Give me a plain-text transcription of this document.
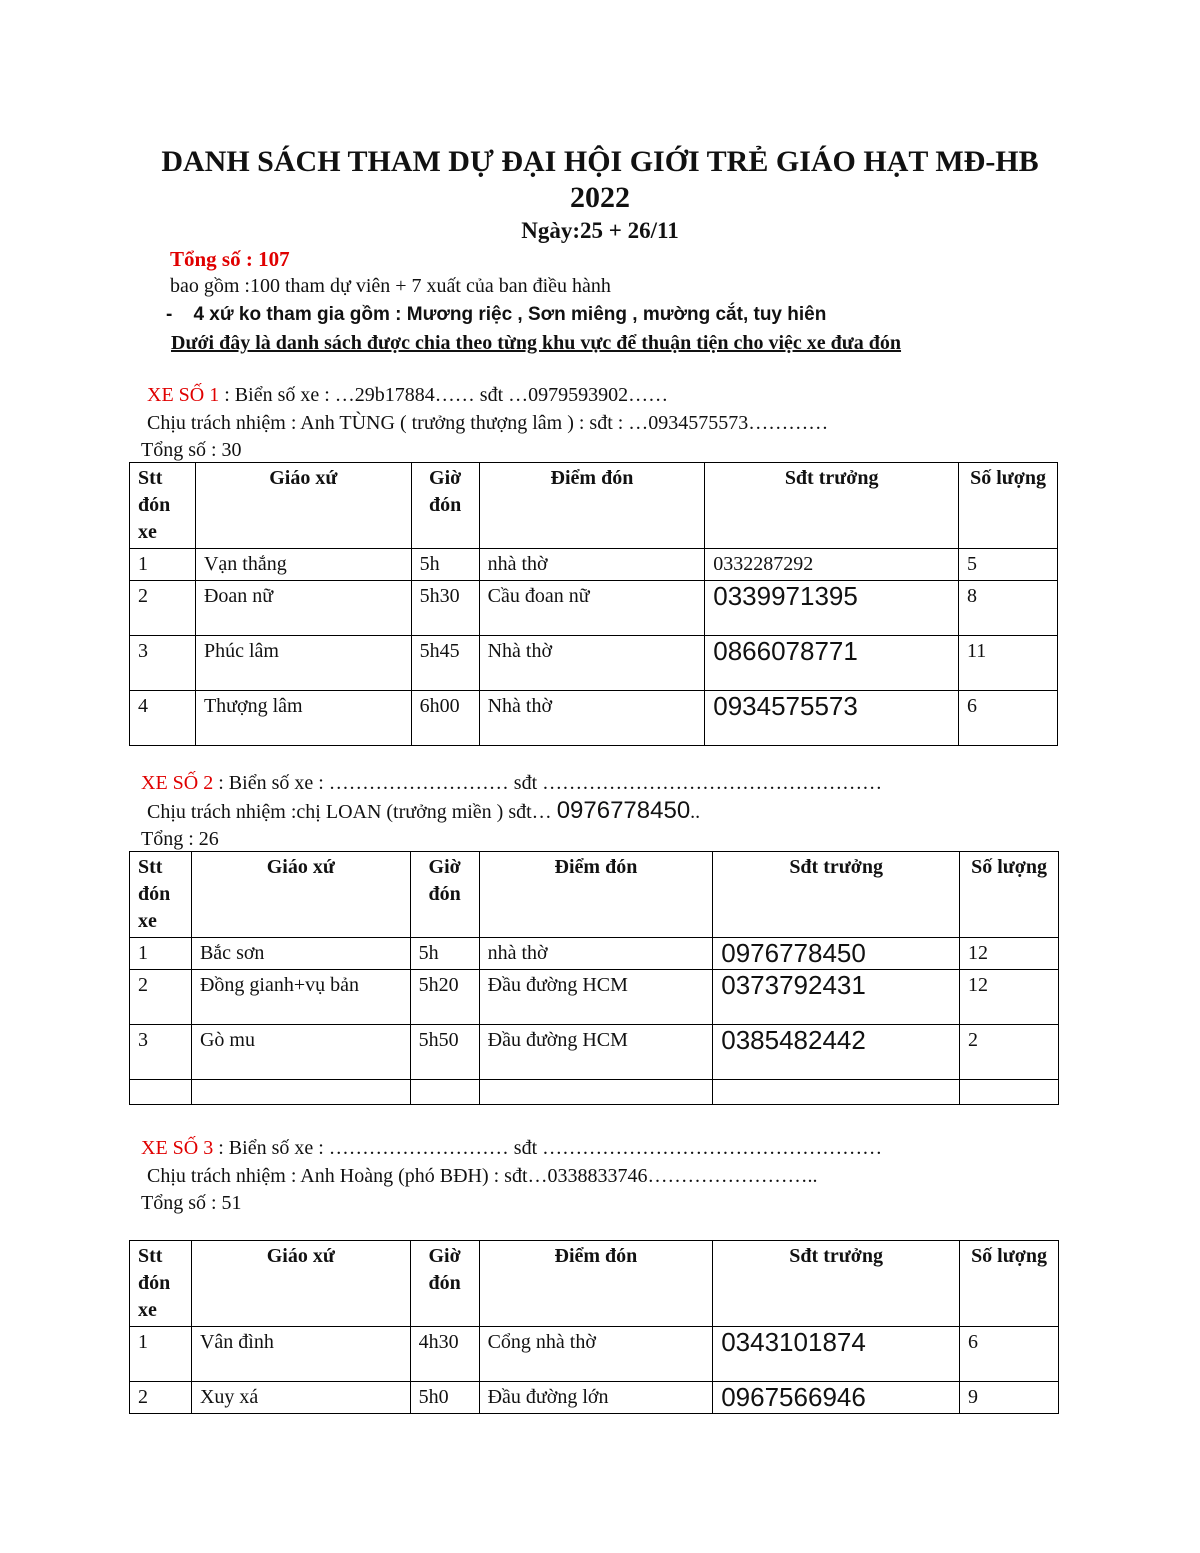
DANH SÁCH THAM DỰ ĐẠI HỘI GIỚI TRẺ GIÁO HẠT MĐ-HB
2022
Ngày:25 + 26/11
Tổng số : 107
bao gồm :100 tham dự viên + 7 xuất của ban điều hành
-    4 xứ ko tham gia gồm : Mương riệc , Sơn miêng , mường cắt, tuy hiên
Dưới đây là danh sách được chia theo từng khu vực để thuận tiện cho việc xe đưa đón
XE SỐ 1 : Biển số xe : …29b17884…… sđt …0979593902……
Chịu trách nhiệm : Anh TÙNG ( trưởng thượng lâm ) : sđt : …0934575573…………
Tổng số : 30
Stt đón xe	Giáo xứ	Giờ đón	Điểm đón	Sđt trưởng	Số lượng
1	Vạn thắng	5h	nhà thờ	0332287292	5
2	Đoan nữ	5h30	Cầu đoan nữ	0339971395	8
3	Phúc lâm	5h45	Nhà thờ	0866078771	11
4	Thượng lâm	6h00	Nhà thờ	0934575573	6
XE SỐ 2 : Biển số xe : ……………………… sđt ……………………………………………
Chịu trách nhiệm :chị LOAN (trưởng miền ) sđt… 0976778450..
Tổng : 26
Stt đón xe	Giáo xứ	Giờ đón	Điểm đón	Sđt trưởng	Số lượng
1	Bắc sơn	5h	nhà thờ	0976778450	12
2	Đồng gianh+vụ bản	5h20	Đầu đường HCM	0373792431	12
3	Gò mu	5h50	Đầu đường HCM	0385482442	2

XE SỐ 3 : Biển số xe : ……………………… sđt ……………………………………………
Chịu trách nhiệm : Anh Hoàng (phó BĐH) : sđt…0338833746……………………..
Tổng số : 51
Stt đón xe	Giáo xứ	Giờ đón	Điểm đón	Sđt trưởng	Số lượng
1	Vân đình	4h30	Cổng nhà thờ	0343101874	6
2	Xuy xá	5h0	Đầu đường lớn	0967566946	9
